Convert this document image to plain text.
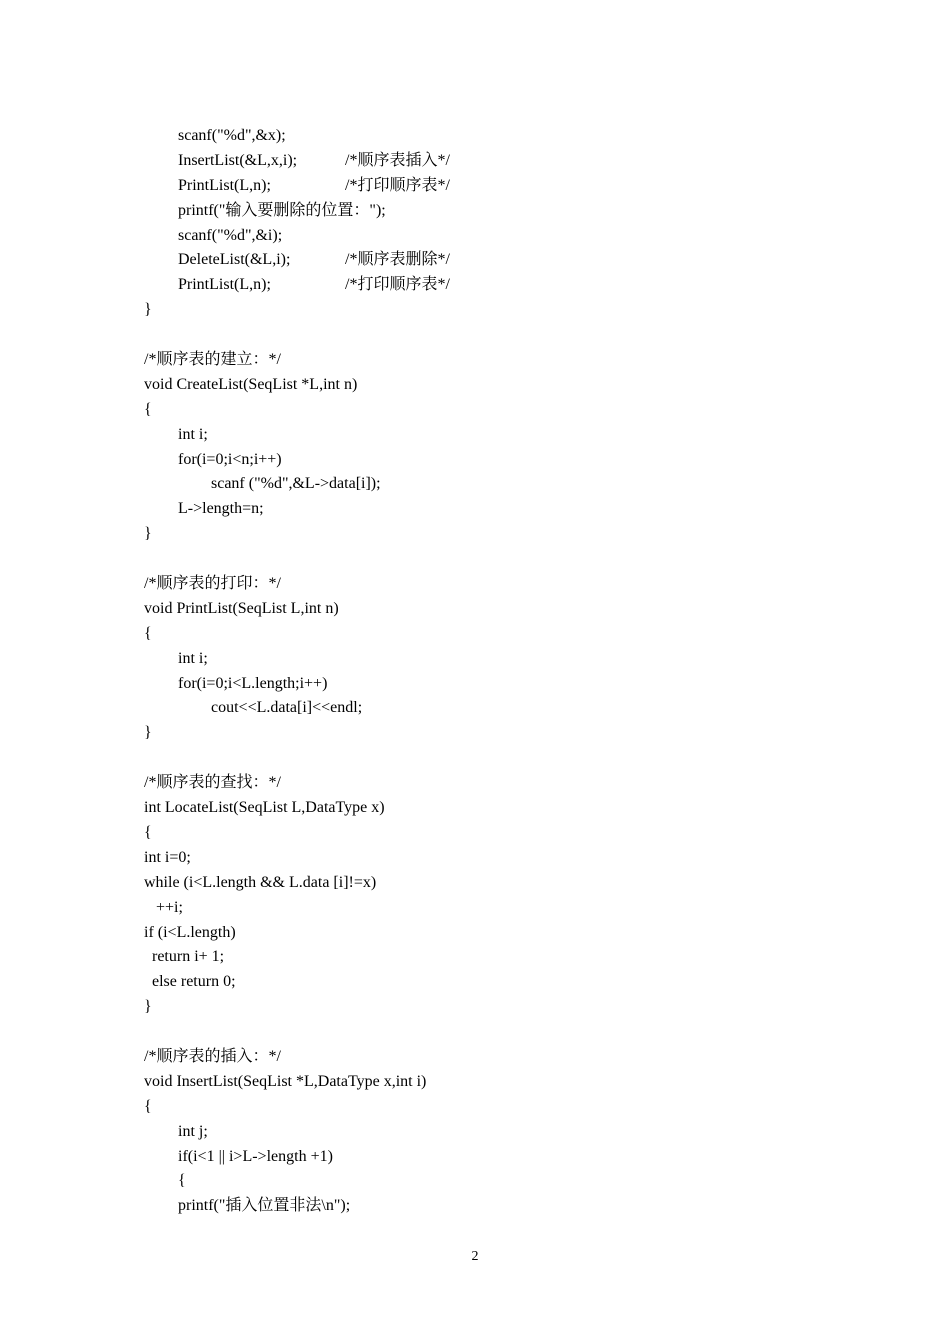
scanf("%d",&x);
InsertList(&L,x,i);	/*顺序表插入*/
PrintList(L,n);	/*打印顺序表*/
printf("输入要删除的位置：");
scanf("%d",&i);
DeleteList(&L,i);	/*顺序表删除*/
PrintList(L,n);	/*打印顺序表*/
}
/*顺序表的建立：*/
void CreateList(SeqList *L,int n)
{
int i;
for(i=0;i<n;i++)
scanf ("%d",&L->data[i]);
L->length=n;
}
/*顺序表的打印：*/
void PrintList(SeqList L,int n)
{
int i;
for(i=0;i<L.length;i++)
cout<<L.data[i]<<endl;
}
/*顺序表的查找：*/
int LocateList(SeqList L,DataType x)
{
int i=0;
while (i<L.length && L.data [i]!=x)
++i;
if (i<L.length)
return i+ 1;
else return 0;
}
/*顺序表的插入：*/
void InsertList(SeqList *L,DataType x,int i)
{
int j;
if(i<1 || i>L->length +1)
{
printf("插入位置非法\n");
2
